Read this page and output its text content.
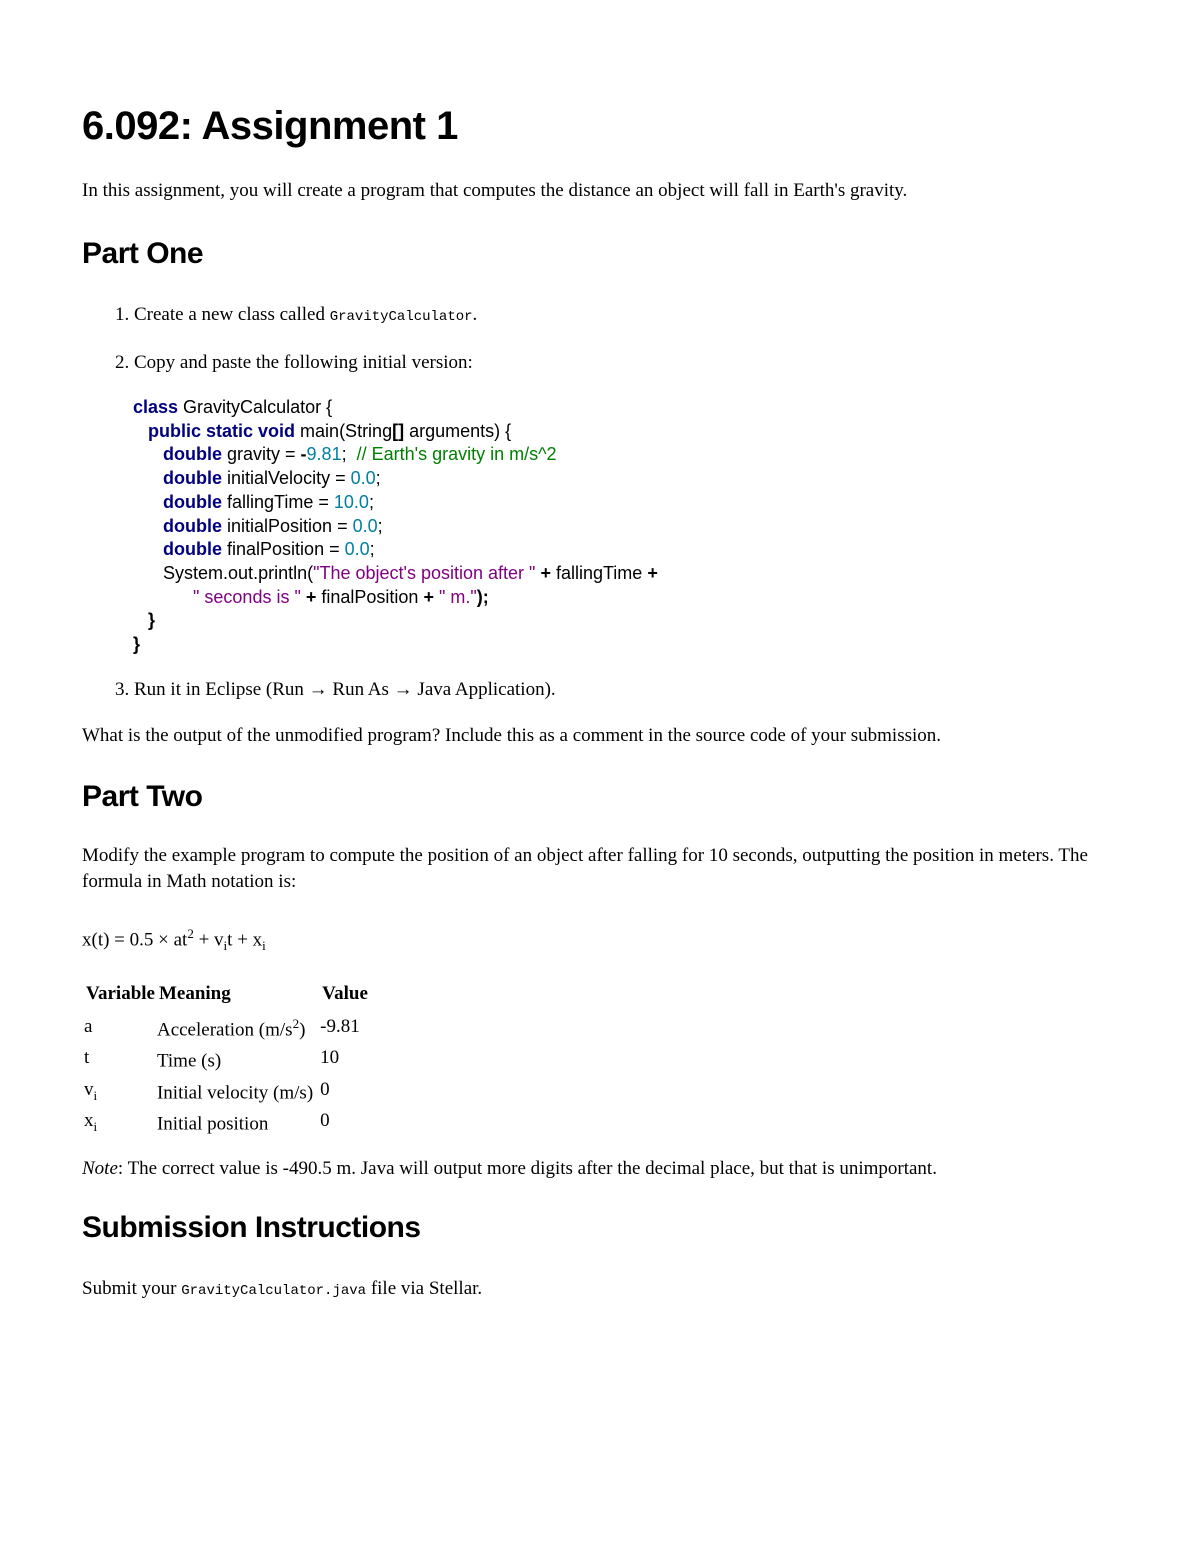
6.092: Assignment 1

In this assignment, you will create a program that computes the distance an object will fall in Earth's gravity.

Part One
1. Create a new class called GravityCalculator.
2. Copy and paste the following initial version:
class GravityCalculator {
public static void main(String[] arguments) {
double gravity = -9.81; // Earth's gravity in m/s^2
double initialVelocity = 0.0;
double fallingTime = 10.0;
double initialPosition = 0.0;
double finalPosition = 0.0;
System.out.println("The object's position after " + fallingTime +
" seconds is " + finalPosition + " m.");
}
}
3. Run it in Eclipse (Run → Run As → Java Application).

What is the output of the unmodified program? Include this as a comment in the source code of your submission.

Part Two

Modify the example program to compute the position of an object after falling for 10 seconds, outputting the position in meters. The formula in Math notation is:

$x(t) = 0.5 \times at^2 + v_it + x_i$

Variable	Meaning	Value
a	Acceleration $(m/s^2)$	-9.81
t	Time (s)	10
$v_i$	Initial velocity (m/s)	0
$x_i$	Initial position	0

Note: The correct value is -490.5 m. Java will output more digits after the decimal place, but that is unimportant.

Submission Instructions

Submit your GravityCalculator.java file via Stellar.
